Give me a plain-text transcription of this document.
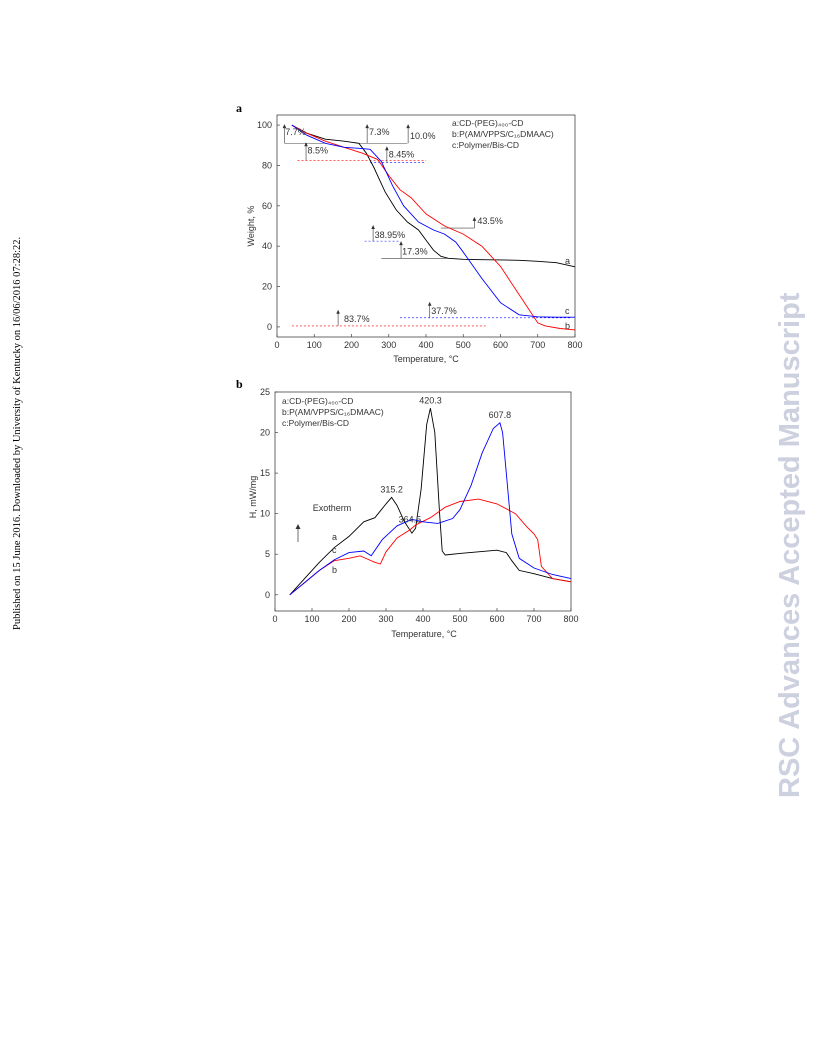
Published on 15 June 2016. Downloaded by University of Kentucky on 16/06/2016 07:28:22.	RSC Advances Accepted Manuscript
a
0	100 200 300 400 500 600 700 800
0
20
40
60
80
100
7.7%
8.5%
7.3% 10.0%
8.45%
43.5%
38.95%
17.3%
83.7%
37.7%
a
c
b
a:CD-(PEG)₄₀₀-CD
b:P(AM/VPPS/C₁₆DMAAC)
c:Polymer/Bis-CD
Temperature, °C
Weight, %
b
0	100 200 300 400 500 600 700 800
0
5
10
15
20
25
315.2
364.5
420.3
607.8
Exotherm
a
c
b
a:CD-(PEG)₄₀₀-CD
b:P(AM/VPPS/C₁₆DMAAC)
c:Polymer/Bis-CD
Temperature, °C
H, mW/mg
